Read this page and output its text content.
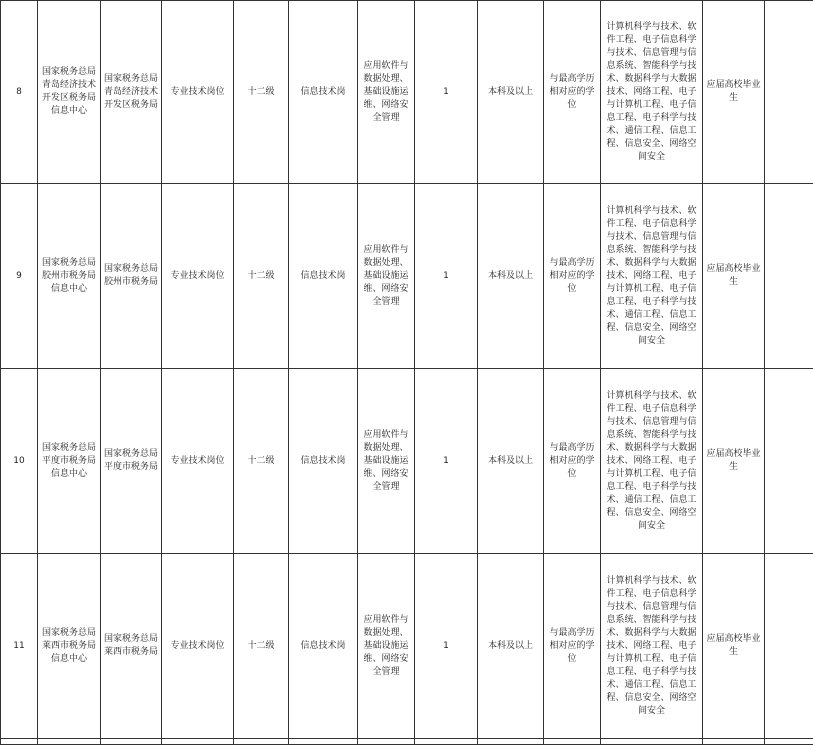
8	国家税务总局青岛经济技术开发区税务局信息中心	国家税务总局青岛经济技术开发区税务局	专业技术岗位	十二级	信息技术岗	应用软件与数据处理、基础设施运维、网络安全管理	1	本科及以上	与最高学历相对应的学位	计算机科学与技术、软件工程、电子信息科学与技术、信息管理与信息系统、智能科学与技术、数据科学与大数据技术、网络工程、电子与计算机工程、电子信息工程、电子科学与技术、通信工程、信息工程、信息安全、网络空间安全	应届高校毕业生	
9	国家税务总局胶州市税务局信息中心	国家税务总局胶州市税务局	专业技术岗位	十二级	信息技术岗	应用软件与数据处理、基础设施运维、网络安全管理	1	本科及以上	与最高学历相对应的学位	计算机科学与技术、软件工程、电子信息科学与技术、信息管理与信息系统、智能科学与技术、数据科学与大数据技术、网络工程、电子与计算机工程、电子信息工程、电子科学与技术、通信工程、信息工程、信息安全、网络空间安全	应届高校毕业生	
10	国家税务总局平度市税务局信息中心	国家税务总局平度市税务局	专业技术岗位	十二级	信息技术岗	应用软件与数据处理、基础设施运维、网络安全管理	1	本科及以上	与最高学历相对应的学位	计算机科学与技术、软件工程、电子信息科学与技术、信息管理与信息系统、智能科学与技术、数据科学与大数据技术、网络工程、电子与计算机工程、电子信息工程、电子科学与技术、通信工程、信息工程、信息安全、网络空间安全	应届高校毕业生	
11	国家税务总局莱西市税务局信息中心	国家税务总局莱西市税务局	专业技术岗位	十二级	信息技术岗	应用软件与数据处理、基础设施运维、网络安全管理	1	本科及以上	与最高学历相对应的学位	计算机科学与技术、软件工程、电子信息科学与技术、信息管理与信息系统、智能科学与技术、数据科学与大数据技术、网络工程、电子与计算机工程、电子信息工程、电子科学与技术、通信工程、信息工程、信息安全、网络空间安全	应届高校毕业生	
